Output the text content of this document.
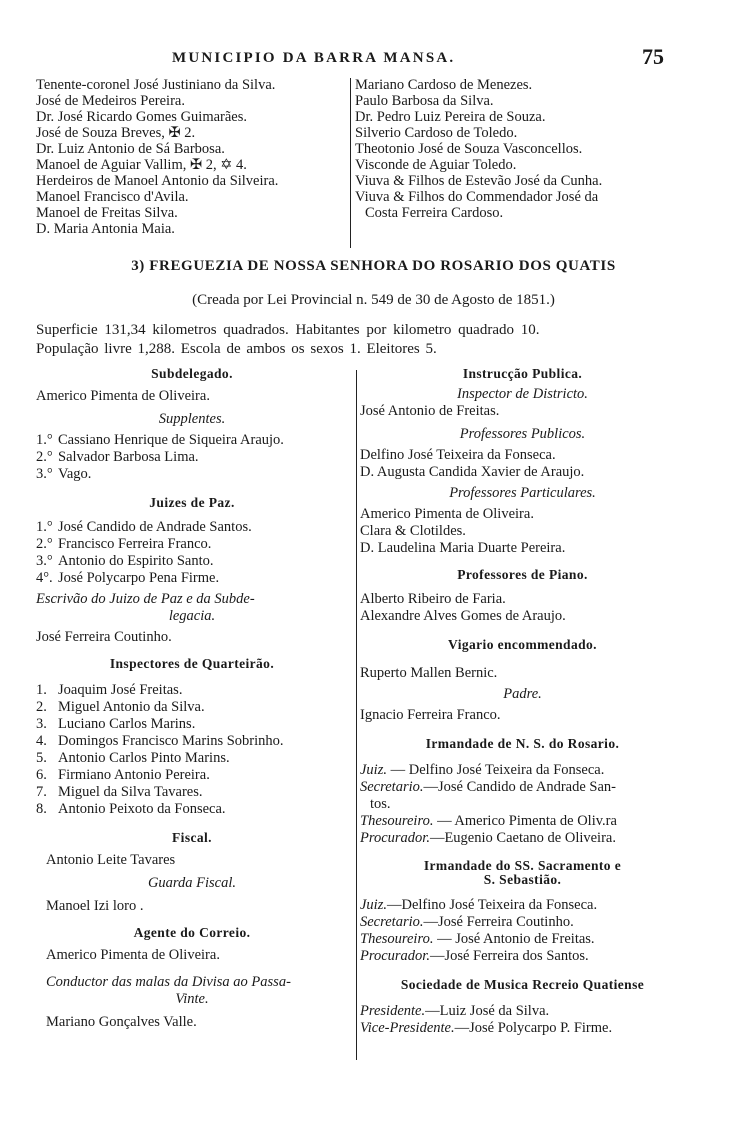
MUNICIPIO DA BARRA MANSA.	75
Tenente-coronel José Justiniano da Silva.
José de Medeiros Pereira.
Dr. José Ricardo Gomes Guimarães.
José de Souza Breves, ✠ 2.
Dr. Luiz Antonio de Sá Barbosa.
Manoel de Aguiar Vallim, ✠ 2, ✡ 4.
Herdeiros de Manoel Antonio da Silveira.
Manoel Francisco d'Avila.
Manoel de Freitas Silva.
D. Maria Antonia Maia.
Mariano Cardoso de Menezes.
Paulo Barbosa da Silva.
Dr. Pedro Luiz Pereira de Souza.
Silverio Cardoso de Toledo.
Theotonio José de Souza Vasconcellos.
Visconde de Aguiar Toledo.
Viuva & Filhos de Estevão José da Cunha.
Viuva & Filhos do Commendador José da
Costa Ferreira Cardoso.
3) FREGUEZIA DE NOSSA SENHORA DO ROSARIO DOS QUATIS
(Creada por Lei Provincial n. 549 de 30 de Agosto de 1851.)
Superficie 131,34 kilometros quadrados. Habitantes por kilometro quadrado 10.
População livre 1,288. Escola de ambos os sexos 1. Eleitores 5.
Subdelegado.
Americo Pimenta de Oliveira.
Supplentes.
1.° Cassiano Henrique de Siqueira Araujo.
2.° Salvador Barbosa Lima.
3.° Vago.
Juizes de Paz.
1.° José Candido de Andrade Santos.
2.° Francisco Ferreira Franco.
3.° Antonio do Espirito Santo.
4°. José Polycarpo Pena Firme.
Escrivão do Juizo de Paz e da Subde-
legacia.
José Ferreira Coutinho.
Inspectores de Quarteirão.
1. Joaquim José Freitas.
2. Miguel Antonio da Silva.
3. Luciano Carlos Marins.
4. Domingos Francisco Marins Sobrinho.
5. Antonio Carlos Pinto Marins.
6. Firmiano Antonio Pereira.
7. Miguel da Silva Tavares.
8. Antonio Peixoto da Fonseca.
Fiscal.
Antonio Leite Tavares
Guarda Fiscal.
Manoel Izi loro .
Agente do Correio.
Americo Pimenta de Oliveira.
Conductor das malas da Divisa ao Passa-
Vinte.
Mariano Gonçalves Valle.
Instrucção Publica.
Inspector de Districto.
José Antonio de Freitas.
Professores Publicos.
Delfino José Teixeira da Fonseca.
D. Augusta Candida Xavier de Araujo.
Professores Particulares.
Americo Pimenta de Oliveira.
Clara & Clotildes.
D. Laudelina Maria Duarte Pereira.
Professores de Piano.
Alberto Ribeiro de Faria.
Alexandre Alves Gomes de Araujo.
Vigario encommendado.
Ruperto Mallen Bernic.
Padre.
Ignacio Ferreira Franco.
Irmandade de N. S. do Rosario.
Juiz. — Delfino José Teixeira da Fonseca.
Secretario.—José Candido de Andrade San-
tos.
Thesoureiro. — Americo Pimenta de Oliv.ra
Procurador.—Eugenio Caetano de Oliveira.
Irmandade do SS. Sacramento e
S. Sebastião.
Juiz.—Delfino José Teixeira da Fonseca.
Secretario.—José Ferreira Coutinho.
Thesoureiro. — José Antonio de Freitas.
Procurador.—José Ferreira dos Santos.
Sociedade de Musica Recreio Quatiense
Presidente.—Luiz José da Silva.
Vice-Presidente.—José Polycarpo P. Firme.
